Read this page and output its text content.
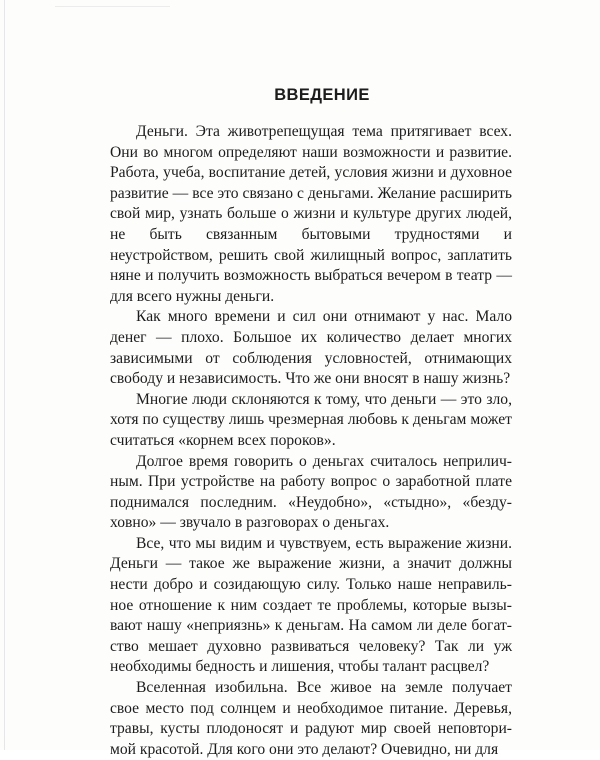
ВВЕДЕНИЕ

Деньги. Эта животрепещущая тема притягивает всех. Они во многом определяют наши возможности и развитие. Работа, учеба, воспитание детей, условия жизни и духовное развитие — все это связано с деньгами. Желание расширить свой мир, узнать больше о жизни и культуре других людей, не быть связанным бытовыми трудностями и неустройством, решить свой жилищный вопрос, заплатить няне и получить возможность выбраться вечером в театр — для всего нужны деньги.

Как много времени и сил они отнимают у нас. Мало денег — плохо. Большое их количество делает многих зависимыми от соблюдения условностей, отнимающих свободу и независимость. Что же они вносят в нашу жизнь?

Многие люди склоняются к тому, что деньги — это зло, хотя по существу лишь чрезмерная любовь к деньгам может считаться «корнем всех пороков».

Долгое время говорить о деньгах считалось неприличным. При устройстве на работу вопрос о заработной плате поднимался последним. «Неудобно», «стыдно», «бездуховно» — звучало в разговорах о деньгах.

Все, что мы видим и чувствуем, есть выражение жизни. Деньги — такое же выражение жизни, а значит должны нести добро и созидающую силу. Только наше неправильное отношение к ним создает те проблемы, которые вызывают нашу «неприязнь» к деньгам. На самом ли деле богатство мешает духовно развиваться человеку? Так ли уж необходимы бедность и лишения, чтобы талант расцвел?

Вселенная изобильна. Все живое на земле получает свое место под солнцем и необходимое питание. Деревья, травы, кусты плодоносят и радуют мир своей неповторимой красотой. Для кого они это делают? Очевидно, ни для
